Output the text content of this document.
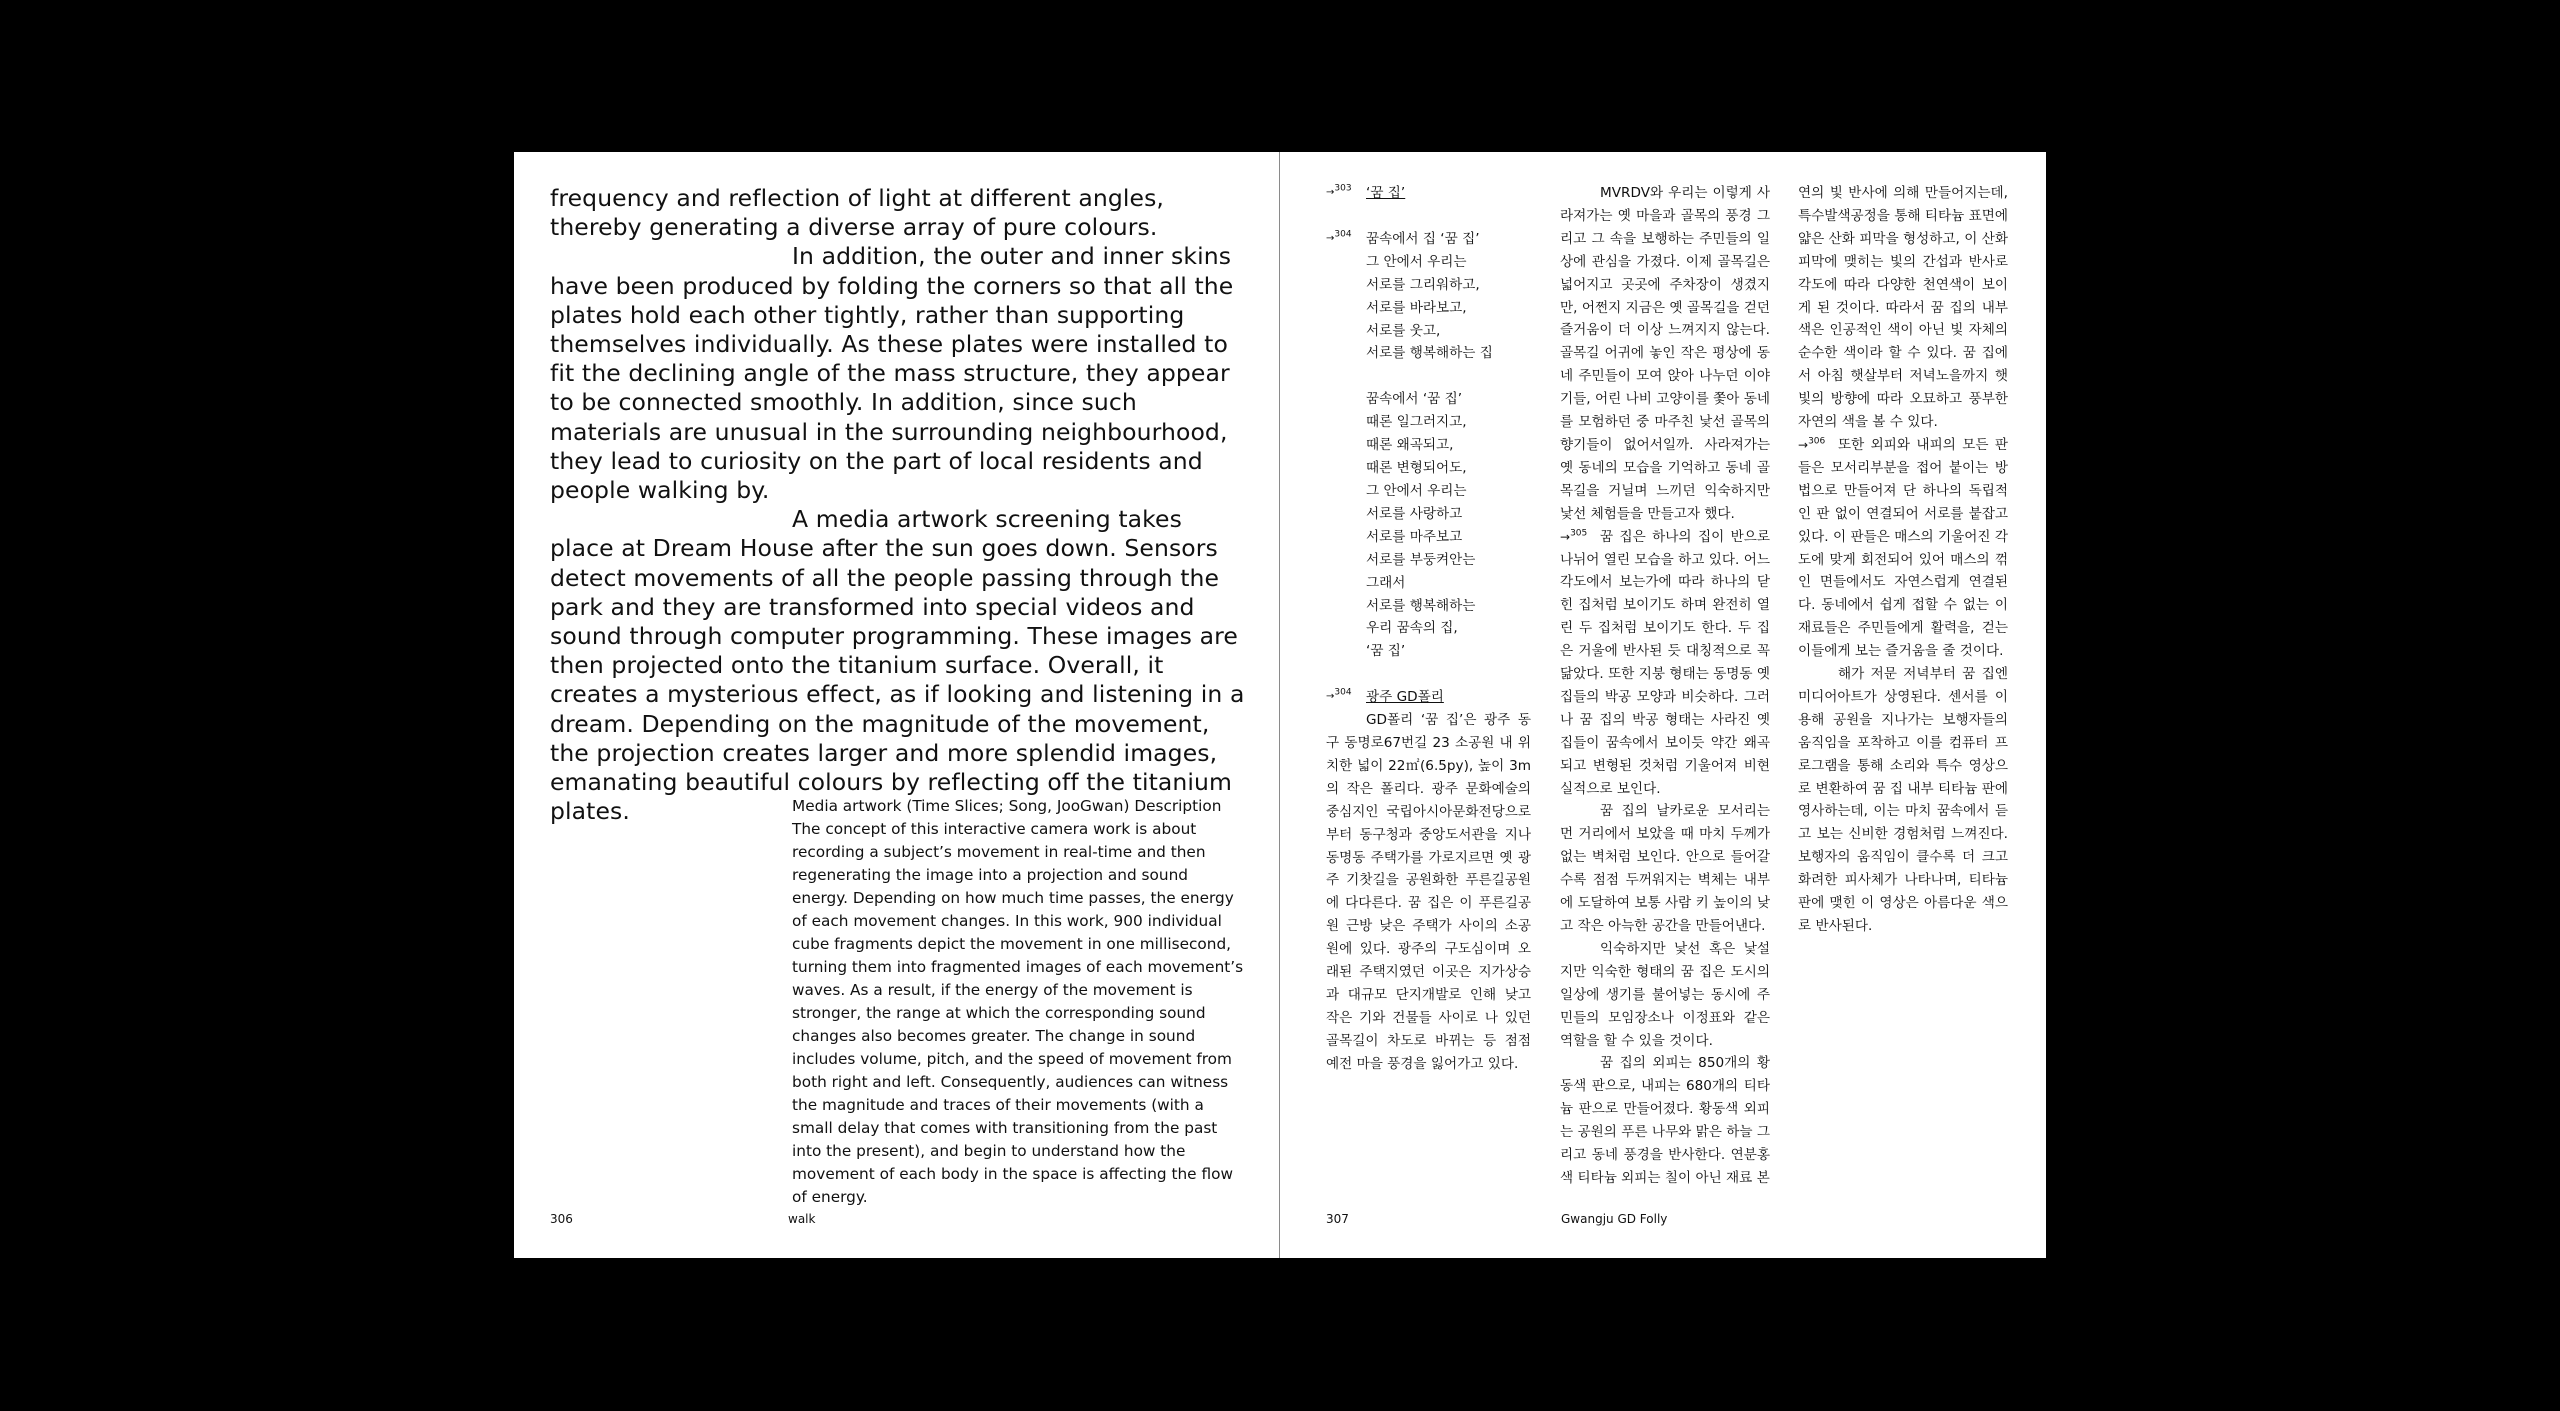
frequency and reflection of light at different angles, thereby generating a diverse array of pure colours.

In addition, the outer and inner skins have been produced by folding the corners so that all the plates hold each other tightly, rather than supporting themselves individually. As these plates were installed to fit the declining angle of the mass structure, they appear to be connected smoothly. In addition, since such materials are unusual in the surrounding neighbourhood, they lead to curiosity on the part of local residents and people walking by.

A media artwork screening takes place at Dream House after the sun goes down. Sensors detect movements of all the people passing through the park and they are transformed into special videos and sound through computer programming. These images are then projected onto the titanium surface. Overall, it creates a mysterious effect, as if looking and listening in a dream. Depending on the magnitude of the movement, the projection creates larger and more splendid images, emanating beautiful colours by reflecting off the titanium plates.	Media artwork (Time Slices; Song, JooGwan) Description

The concept of this interactive camera work is about recording a subject’s movement in real-time and then regenerating the image into a projection and sound energy. Depending on how much time passes, the energy of each movement changes. In this work, 900 individual cube fragments depict the movement in one millisecond, turning them into fragmented images of each movement’s waves. As a result, if the energy of the movement is stronger, the range at which the corresponding sound changes also becomes greater. The change in sound includes volume, pitch, and the speed of movement from both right and left. Consequently, audiences can witness the magnitude and traces of their movements (with a small delay that comes with transitioning from the past into the present), and begin to understand how the movement of each body in the space is affecting the flow of energy.

306	walk
→303 ‘꿈 집’
→304 꿈속에서 집 ‘꿈 집’
그 안에서 우리는
서로를 그리워하고,
서로를 바라보고,
서로를 웃고,
서로를 행복해하는 집
꿈속에서 ‘꿈 집’
때론 일그러지고,
때론 왜곡되고,
때론 변형되어도,
그 안에서 우리는
서로를 사랑하고
서로를 마주보고
서로를 부둥켜안는
그래서
서로를 행복해하는
우리 꿈속의 집,
‘꿈 집’
→304 광주 GD폴리

GD폴리 ‘꿈 집’은 광주 동구 동명로67번길 23 소공원 내 위치한 넓이 22㎡(6.5py), 높이 3m의 작은 폴리다. 광주 문화예술의 중심지인 국립아시아문화전당으로부터 동구청과 중앙도서관을 지나 동명동 주택가를 가로지르면 옛 광주 기찻길을 공원화한 푸른길공원에 다다른다. 꿈 집은 이 푸른길공원 근방 낮은 주택가 사이의 소공원에 있다. 광주의 구도심이며 오래된 주택지였던 이곳은 지가상승과 대규모 단지개발로 인해 낮고 작은 기와 건물들 사이로 나 있던 골목길이 차도로 바뀌는 등 점점 예전 마을 풍경을 잃어가고 있다.

MVRDV와 우리는 이렇게 사라져가는 옛 마을과 골목의 풍경 그리고 그 속을 보행하는 주민들의 일상에 관심을 가졌다. 이제 골목길은 넓어지고 곳곳에 주차장이 생겼지만, 어쩐지 지금은 옛 골목길을 걷던 즐거움이 더 이상 느껴지지 않는다. 골목길 어귀에 놓인 작은 평상에 동네 주민들이 모여 앉아 나누던 이야기들, 어린 나비 고양이를 쫓아 동네를 모험하던 중 마주친 낯선 골목의 향기들이 없어서일까. 사라져가는 옛 동네의 모습을 기억하고 동네 골목길을 거닐며 느끼던 익숙하지만 낯선 체험들을 만들고자 했다.

→$^{305}$ 꿈 집은 하나의 집이 반으로 나뉘어 열린 모습을 하고 있다. 어느 각도에서 보는가에 따라 하나의 닫힌 집처럼 보이기도 하며 완전히 열린 두 집처럼 보이기도 한다. 두 집은 거울에 반사된 듯 대칭적으로 꼭 닮았다. 또한 지붕 형태는 동명동 옛 집들의 박공 모양과 비슷하다. 그러나 꿈 집의 박공 형태는 사라진 옛 집들이 꿈속에서 보이듯 약간 왜곡되고 변형된 것처럼 기울어져 비현실적으로 보인다.

꿈 집의 날카로운 모서리는 먼 거리에서 보았을 때 마치 두께가 없는 벽처럼 보인다. 안으로 들어갈수록 점점 두꺼워지는 벽체는 내부에 도달하여 보통 사람 키 높이의 낮고 작은 아늑한 공간을 만들어낸다.

익숙하지만 낯선 혹은 낯설지만 익숙한 형태의 꿈 집은 도시의 일상에 생기를 불어넣는 동시에 주민들의 모임장소나 이정표와 같은 역할을 할 수 있을 것이다.

꿈 집의 외피는 850개의 황동색 판으로, 내피는 680개의 티타늄 판으로 만들어졌다. 황동색 외피는 공원의 푸른 나무와 맑은 하늘 그리고 동네 풍경을 반사한다. 연분홍색 티타늄 외피는 칠이 아닌 재료 본

연의 빛 반사에 의해 만들어지는데, 특수발색공정을 통해 티타늄 표면에 얇은 산화 피막을 형성하고, 이 산화 피막에 맺히는 빛의 간섭과 반사로 각도에 따라 다양한 천연색이 보이게 된 것이다. 따라서 꿈 집의 내부 색은 인공적인 색이 아닌 빛 자체의 순수한 색이라 할 수 있다. 꿈 집에서 아침 햇살부터 저녁노을까지 햇빛의 방향에 따라 오묘하고 풍부한 자연의 색을 볼 수 있다.

→$^{306}$ 또한 외피와 내피의 모든 판들은 모서리부분을 접어 붙이는 방법으로 만들어져 단 하나의 독립적인 판 없이 연결되어 서로를 붙잡고 있다. 이 판들은 매스의 기울어진 각도에 맞게 회전되어 있어 매스의 꺾인 면들에서도 자연스럽게 연결된다. 동네에서 쉽게 접할 수 없는 이 재료들은 주민들에게 활력을, 걷는 이들에게 보는 즐거움을 줄 것이다.

해가 저문 저녁부터 꿈 집엔 미디어아트가 상영된다. 센서를 이용해 공원을 지나가는 보행자들의 움직임을 포착하고 이를 컴퓨터 프로그램을 통해 소리와 특수 영상으로 변환하여 꿈 집 내부 티타늄 판에 영사하는데, 이는 마치 꿈속에서 듣고 보는 신비한 경험처럼 느껴진다. 보행자의 움직임이 클수록 더 크고 화려한 피사체가 나타나며, 티타늄 판에 맺힌 이 영상은 아름다운 색으로 반사된다.

307	Gwangju GD Folly
